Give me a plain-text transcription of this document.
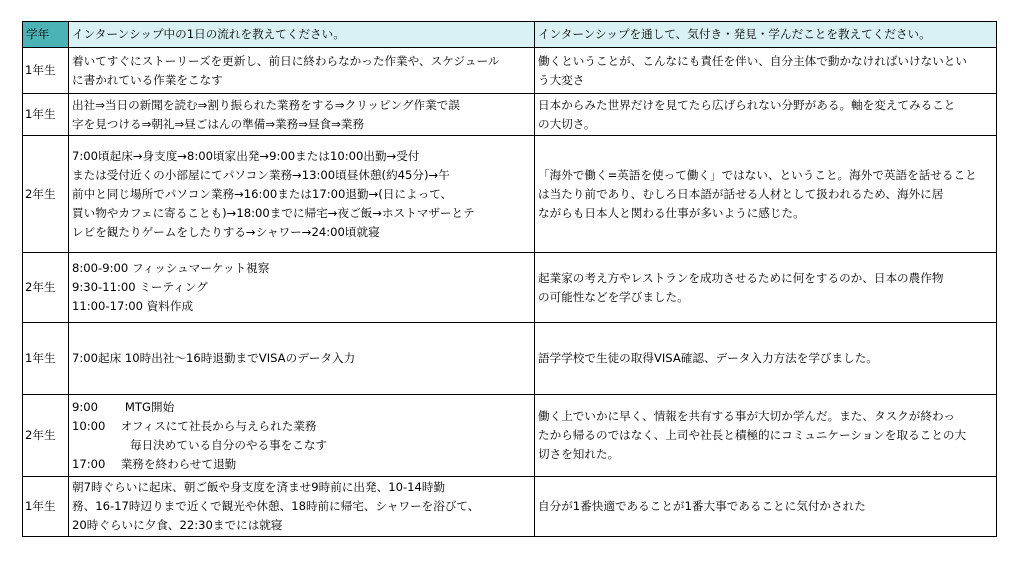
学年	インターンシップ中の1日の流れを教えてください。	インターンシップを通して、気付き・発見・学んだことを教えてください。
1年生	着いてすぐにストーリーズを更新し、前日に終わらなかった作業や、スケジュール
に書かれている作業をこなす	働くということが、こんなにも責任を伴い、自分主体で動かなければいけないとい
う大変さ

1年生	出社⇒当日の新聞を読む⇒割り振られた業務をする⇒クリッピング作業で誤
字を見つける⇒朝礼⇒昼ごはんの準備⇒業務⇒昼食⇒業務	日本からみた世界だけを見てたら広げられない分野がある。軸を変えてみること
の大切さ。

2年生	7:00頃起床→身支度→8:00頃家出発→9:00または10:00出勤→受付
または受付近くの小部屋にてパソコン業務→13:00頃昼休憩(約45分)→午
前中と同じ場所でパソコン業務→16:00または17:00退勤→(日によって、
買い物やカフェに寄ることも)→18:00までに帰宅→夜ご飯→ホストマザーとテ
レビを観たりゲームをしたりする→シャワー→24:00頃就寝	「海外で働く=英語を使って働く」ではない、ということ。海外で英語を話せること
は当たり前であり、むしろ日本語が話せる人材として扱われるため、海外に居
ながらも日本人と関わる仕事が多いように感じた。

2年生	8:00-9:00 フィッシュマーケット視察
9:30-11:00 ミーティング
11:00-17:00 資料作成	起業家の考え方やレストランを成功させるために何をするのか、日本の農作物
の可能性などを学びました。

1年生	7:00起床 10時出社～16時退勤までVISAのデータ入力	語学学校で生徒の取得VISA確認、データ入力方法を学びました。

2年生	9:00　　 MTG開始
10:00　 オフィスにて社長から与えられた業務
　　　　　毎日決めている自分のやる事をこなす
17:00　 業務を終わらせて退勤	働く上でいかに早く、情報を共有する事が大切か学んだ。また、タスクが終わっ
たから帰るのではなく、上司や社長と積極的にコミュニケーションを取ることの大
切さを知れた。

1年生	朝7時ぐらいに起床、朝ご飯や身支度を済ませ9時前に出発、10-14時勤
務、16-17時辺りまで近くで観光や休憩、18時前に帰宅、シャワーを浴びて、
20時ぐらいに夕食、22:30までには就寝	自分が1番快適であることが1番大事であることに気付かされた
